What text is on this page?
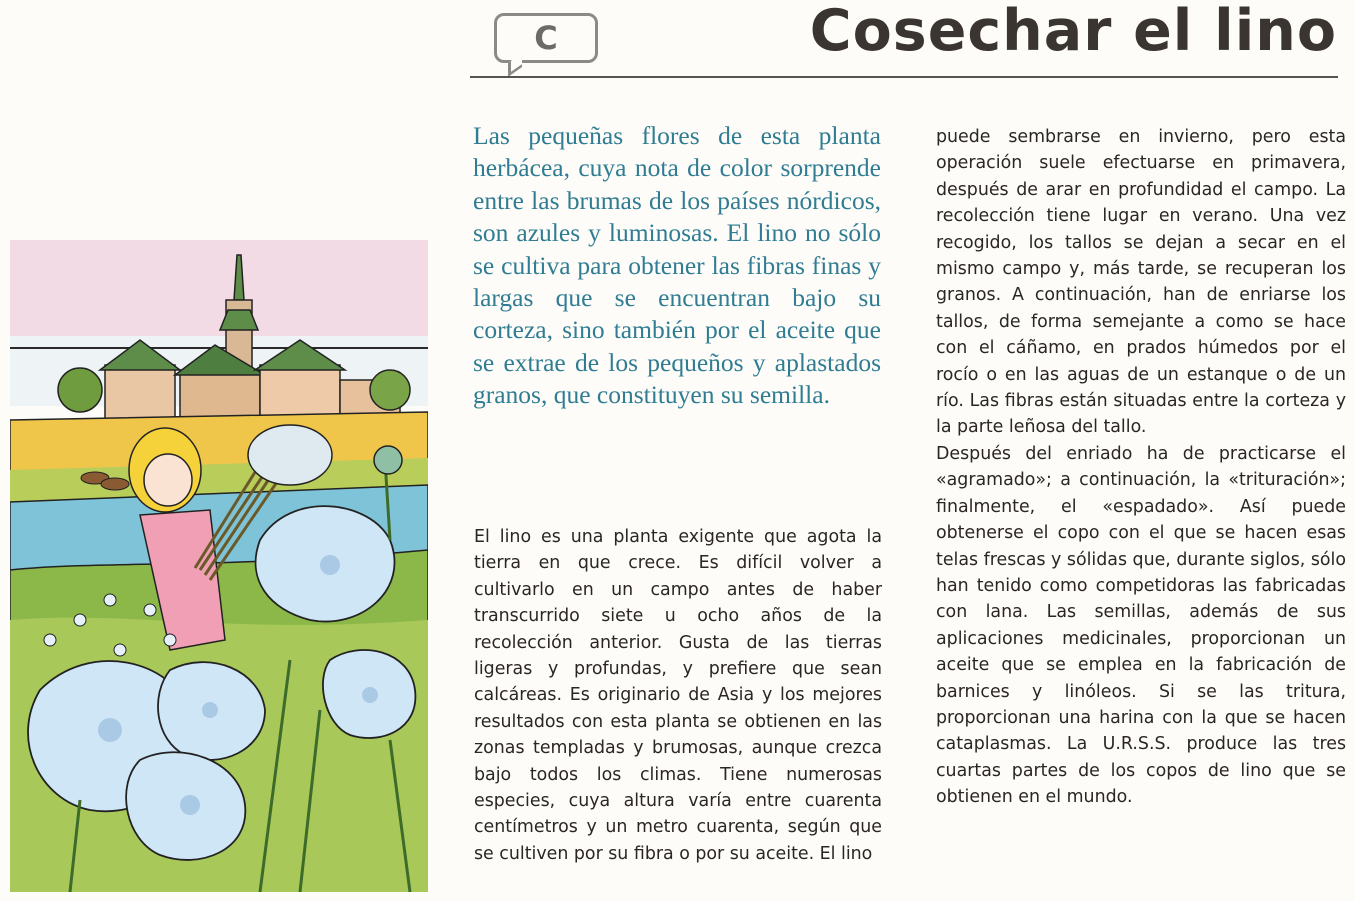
C	Cosechar el lino
Las pequeñas flores de esta planta herbácea, cuya nota de color sorprende entre las brumas de los países nórdicos, son azules y luminosas. El lino no sólo se cultiva para obtener las fibras finas y largas que se encuentran bajo su corteza, sino también por el aceite que se extrae de los pequeños y aplastados granos, que constituyen su semilla.

El lino es una planta exigente que agota la tierra en que crece. Es difícil volver a cultivarlo en un campo antes de haber transcurrido siete u ocho años de la recolección anterior. Gusta de las tierras ligeras y profundas, y prefiere que sean calcáreas. Es originario de Asia y los mejores resultados con esta planta se obtienen en las zonas templadas y brumosas, aunque crezca bajo todos los climas. Tiene numerosas especies, cuya altura varía entre cuarenta centímetros y un metro cuarenta, según que se cultiven por su fibra o por su aceite. El lino

puede sembrarse en invierno, pero esta operación suele efectuarse en primavera, después de arar en profundidad el campo. La recolección tiene lugar en verano. Una vez recogido, los tallos se dejan a secar en el mismo campo y, más tarde, se recuperan los granos. A continuación, han de enriarse los tallos, de forma semejante a como se hace con el cáñamo, en prados húmedos por el rocío o en las aguas de un estanque o de un río. Las fibras están situadas entre la corteza y la parte leñosa del tallo.

Después del enriado ha de practicarse el «agramado»; a continuación, la «trituración»; finalmente, el «espadado». Así puede obtenerse el copo con el que se hacen esas telas frescas y sólidas que, durante siglos, sólo han tenido como competidoras las fabricadas con lana. Las semillas, además de sus aplicaciones medicinales, proporcionan un aceite que se emplea en la fabricación de barnices y linóleos. Si se las tritura, proporcionan una harina con la que se hacen cataplasmas. La U.R.S.S. produce las tres cuartas partes de los copos de lino que se obtienen en el mundo.
